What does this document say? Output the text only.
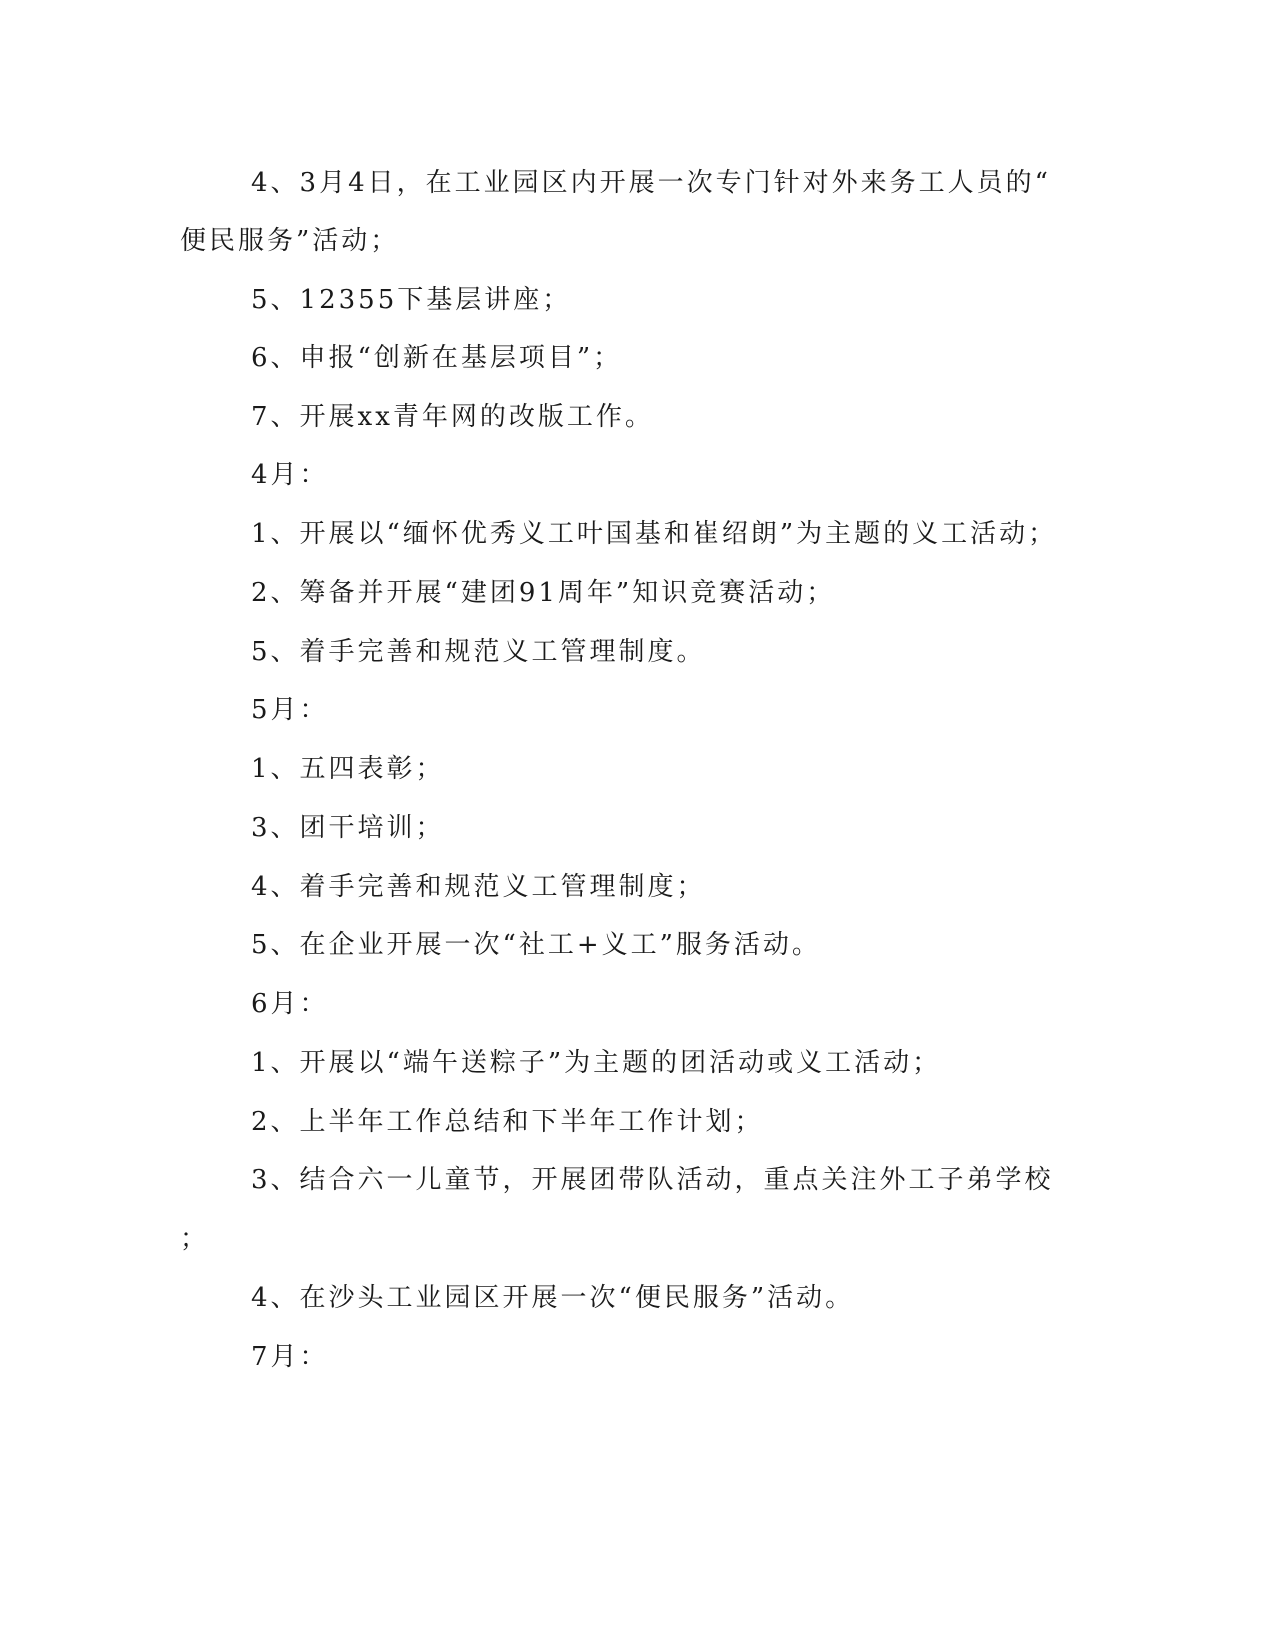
4、3月4日，在工业园区内开展一次专门针对外来务工人员的“
便民服务”活动；
5、12355下基层讲座；
6、申报“创新在基层项目”；
7、开展xx青年网的改版工作。
4月：
1、开展以“缅怀优秀义工叶国基和崔绍朗”为主题的义工活动；
2、筹备并开展“建团91周年”知识竞赛活动；
5、着手完善和规范义工管理制度。
5月：
1、五四表彰；
3、团干培训；
4、着手完善和规范义工管理制度；
5、在企业开展一次“社工+义工”服务活动。
6月：
1、开展以“端午送粽子”为主题的团活动或义工活动；
2、上半年工作总结和下半年工作计划；
3、结合六一儿童节，开展团带队活动，重点关注外工子弟学校
；
4、在沙头工业园区开展一次“便民服务”活动。
7月：
